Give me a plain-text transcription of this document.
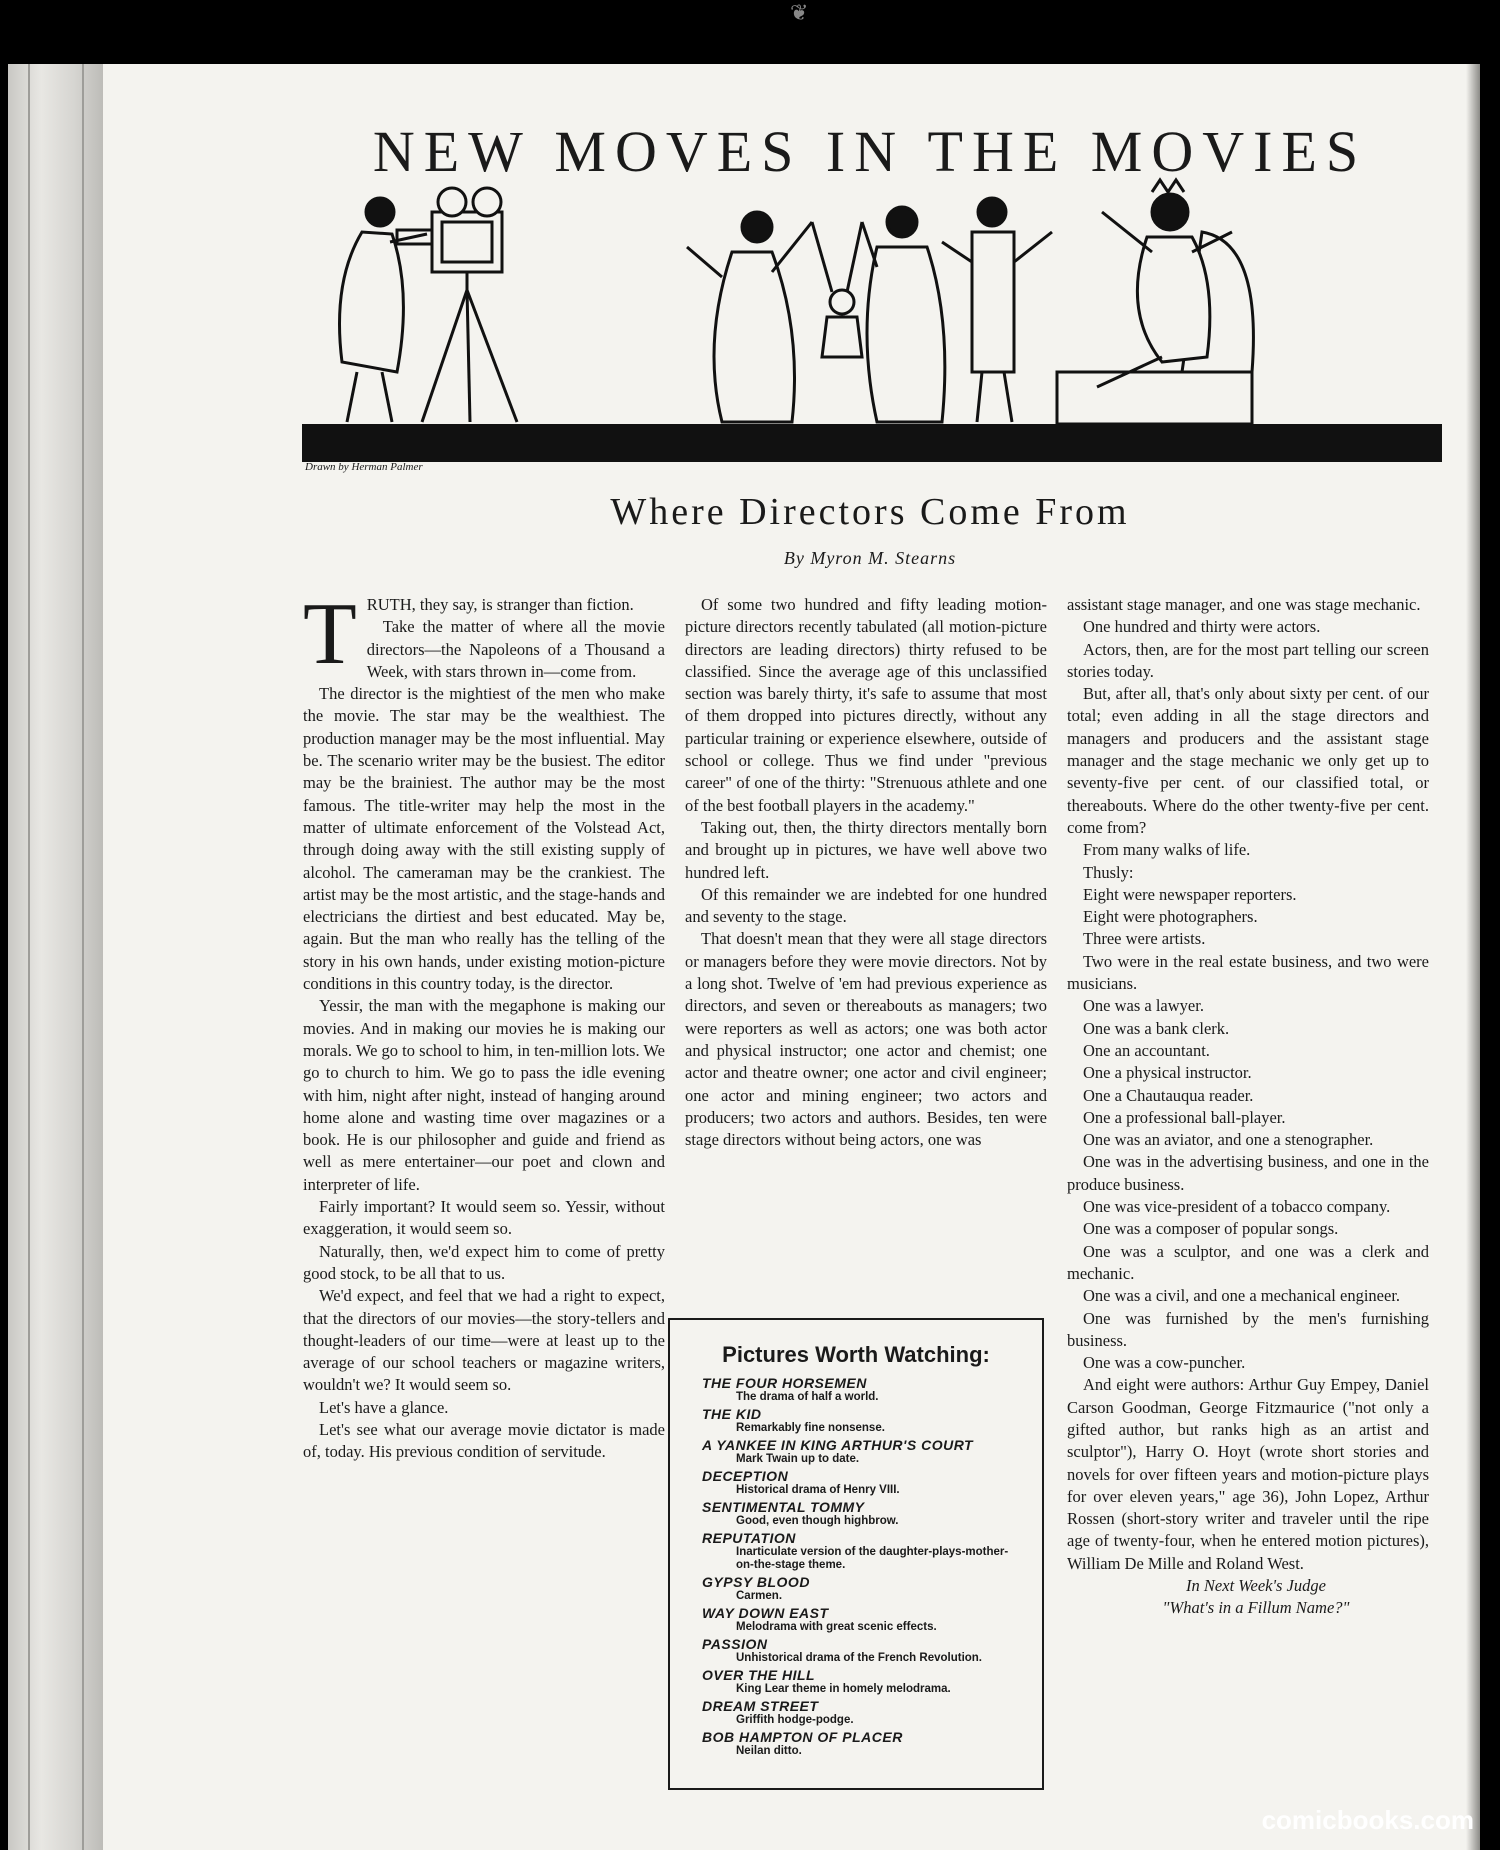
❦
NEW MOVES IN THE MOVIES
Drawn by Herman Palmer
Where Directors Come From
By Myron M. Stearns
T RUTH, they say, is stranger than fiction.

Take the matter of where all the movie directors—the Napoleons of a Thousand a Week, with stars thrown in—come from.

The director is the mightiest of the men who make the movie. The star may be the wealthiest. The production manager may be the most influential. May be. The scenario writer may be the busiest. The editor may be the brainiest. The author may be the most famous. The title-writer may help the most in the matter of ultimate enforcement of the Volstead Act, through doing away with the still existing supply of alcohol. The cameraman may be the crankiest. The artist may be the most artistic, and the stage-hands and electricians the dirtiest and best educated. May be, again. But the man who really has the telling of the story in his own hands, under existing motion-picture conditions in this country today, is the director.

Yessir, the man with the megaphone is making our movies. And in making our movies he is making our morals. We go to school to him, in ten-million lots. We go to church to him. We go to pass the idle evening with him, night after night, instead of hanging around home alone and wasting time over magazines or a book. He is our philosopher and guide and friend as well as mere entertainer—our poet and clown and interpreter of life.

Fairly important? It would seem so. Yessir, without exaggeration, it would seem so.

Naturally, then, we'd expect him to come of pretty good stock, to be all that to us.

We'd expect, and feel that we had a right to expect, that the directors of our movies—the story-tellers and thought-leaders of our time—were at least up to the average of our school teachers or magazine writers, wouldn't we? It would seem so.

Let's have a glance.

Let's see what our average movie dictator is made of, today. His previous condition of servitude.

Of some two hundred and fifty leading motion-picture directors recently tabulated (all motion-picture directors are leading directors) thirty refused to be classified. Since the average age of this unclassified section was barely thirty, it's safe to assume that most of them dropped into pictures directly, without any particular training or experience elsewhere, outside of school or college. Thus we find under "previous career" of one of the thirty: "Strenuous athlete and one of the best football players in the academy."

Taking out, then, the thirty directors mentally born and brought up in pictures, we have well above two hundred left.

Of this remainder we are indebted for one hundred and seventy to the stage.

That doesn't mean that they were all stage directors or managers before they were movie directors. Not by a long shot. Twelve of 'em had previous experience as directors, and seven or thereabouts as managers; two were reporters as well as actors; one was both actor and physical instructor; one actor and chemist; one actor and theatre owner; one actor and civil engineer; one actor and mining engineer; two actors and producers; two actors and authors. Besides, ten were stage directors without being actors, one was

Pictures Worth Watching:
THE FOUR HORSEMEN
The drama of half a world.
THE KID
Remarkably fine nonsense.
A YANKEE IN KING ARTHUR'S COURT
Mark Twain up to date.
DECEPTION
Historical drama of Henry VIII.
SENTIMENTAL TOMMY
Good, even though highbrow.
REPUTATION
Inarticulate version of the daughter-plays-mother-on-the-stage theme.
GYPSY BLOOD
Carmen.
WAY DOWN EAST
Melodrama with great scenic effects.
PASSION
Unhistorical drama of the French Revolution.
OVER THE HILL
King Lear theme in homely melodrama.
DREAM STREET
Griffith hodge-podge.
BOB HAMPTON OF PLACER
Neilan ditto.

assistant stage manager, and one was stage mechanic.

One hundred and thirty were actors.

Actors, then, are for the most part telling our screen stories today.

But, after all, that's only about sixty per cent. of our total; even adding in all the stage directors and managers and producers and the assistant stage manager and the stage mechanic we only get up to seventy-five per cent. of our classified total, or thereabouts. Where do the other twenty-five per cent. come from?

From many walks of life.

Thusly:

Eight were newspaper reporters.

Eight were photographers.

Three were artists.

Two were in the real estate business, and two were musicians.

One was a lawyer.

One was a bank clerk.

One an accountant.

One a physical instructor.

One a Chautauqua reader.

One a professional ball-player.

One was an aviator, and one a stenographer.

One was in the advertising business, and one in the produce business.

One was vice-president of a tobacco company.

One was a composer of popular songs.

One was a sculptor, and one was a clerk and mechanic.

One was a civil, and one a mechanical engineer.

One was furnished by the men's furnishing business.

One was a cow-puncher.

And eight were authors: Arthur Guy Empey, Daniel Carson Goodman, George Fitzmaurice ("not only a gifted author, but ranks high as an artist and sculptor"), Harry O. Hoyt (wrote short stories and novels for over fifteen years and motion-picture plays for over eleven years," age 36), John Lopez, Arthur Rossen (short-story writer and traveler until the ripe age of twenty-four, when he entered motion pictures), William De Mille and Roland West.

In Next Week's Judge

"What's in a Fillum Name?"

comicbooks.com
